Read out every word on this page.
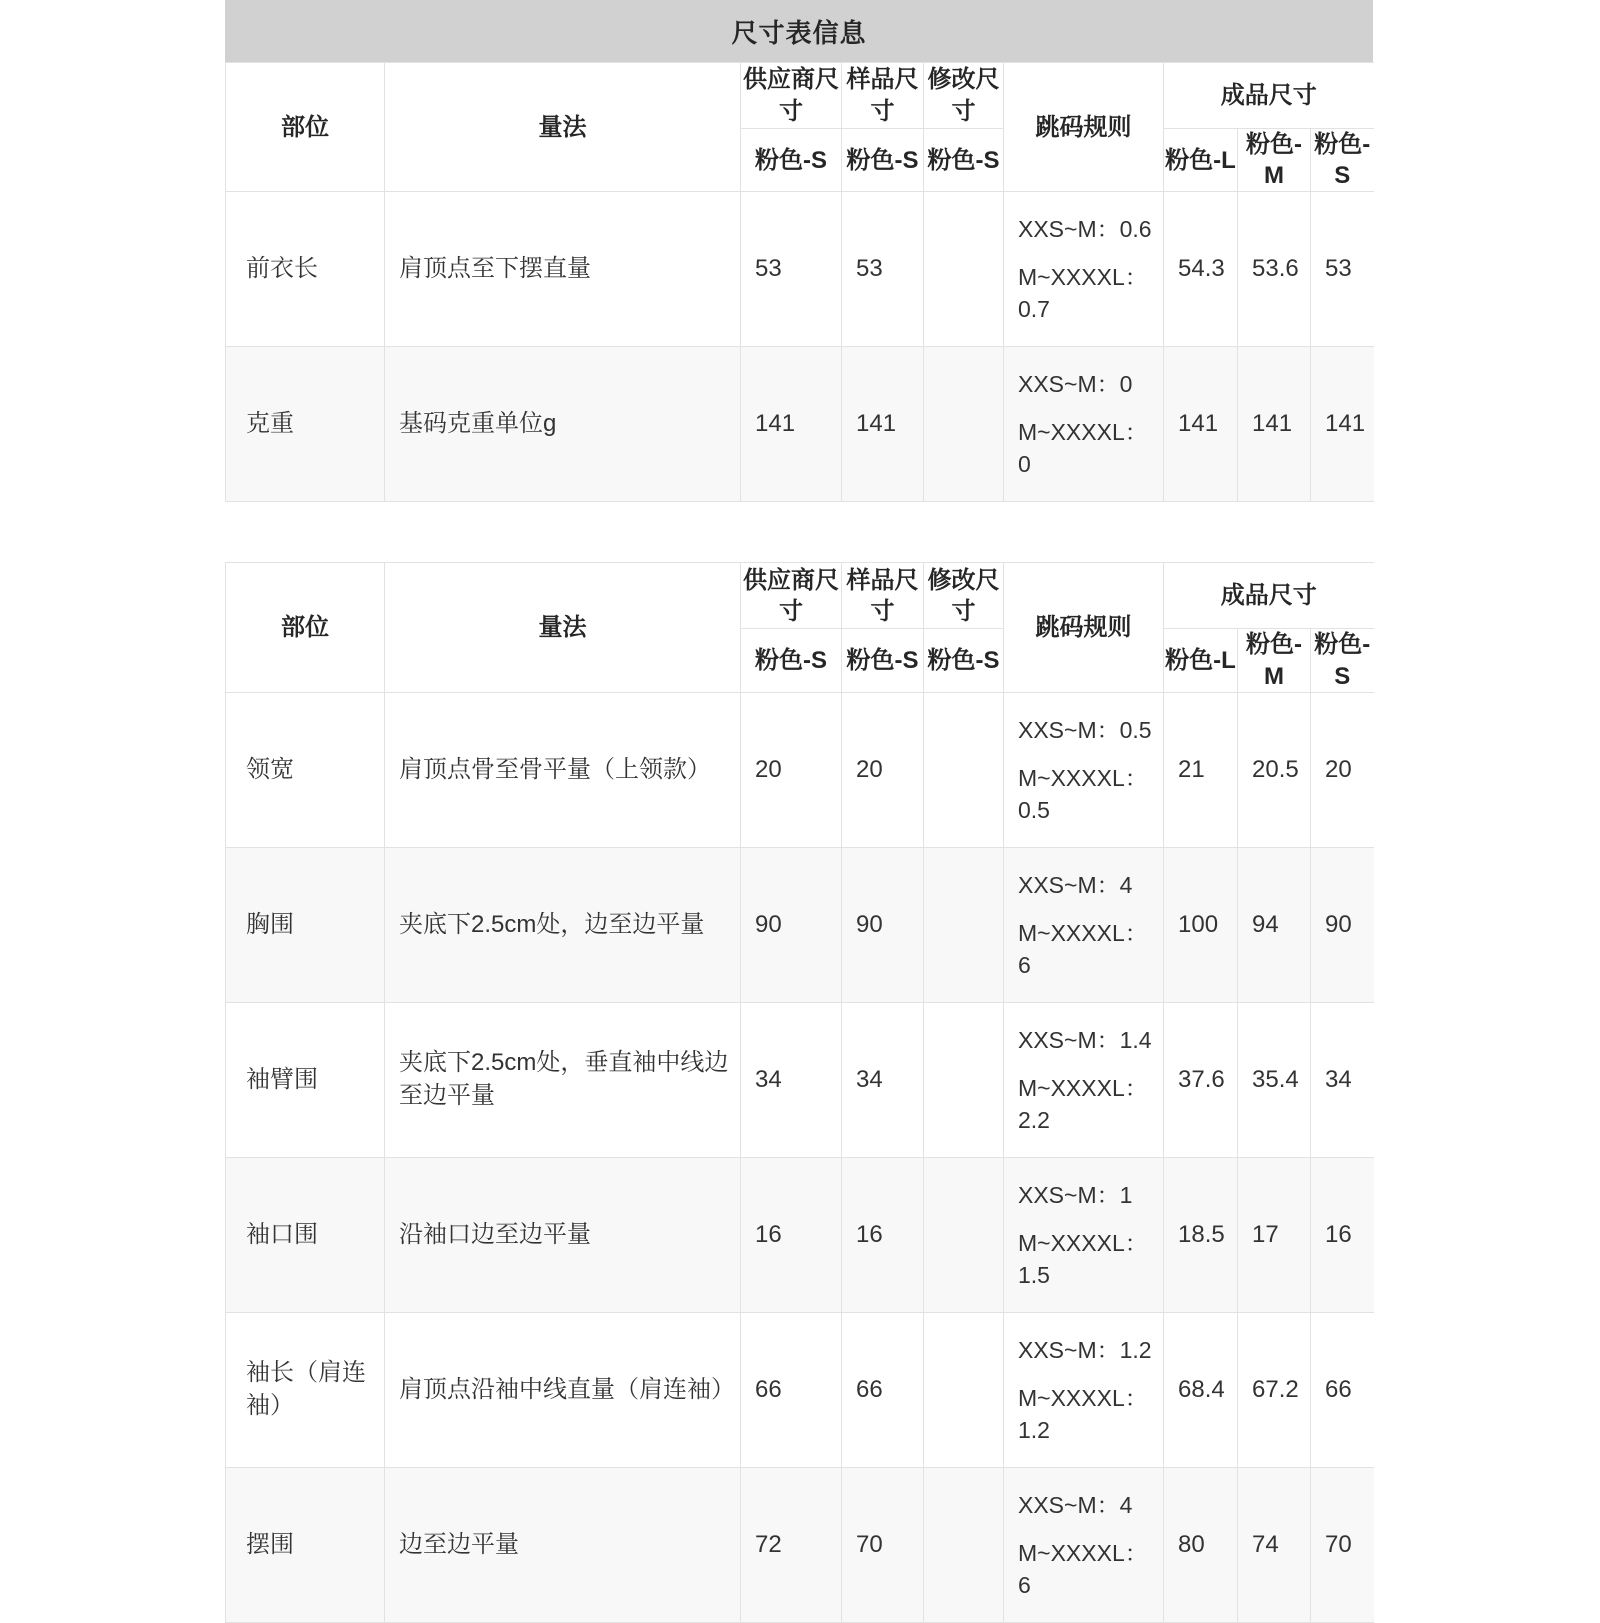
尺寸表信息
部位	量法	供应商尺寸	样品尺寸	修改尺寸	跳码规则	成品尺寸		
		粉色-S	粉色-S	粉色-S		粉色-L	粉色-M	粉色-S
前衣长	肩顶点至下摆直量	53	53		XXS~M：0.6
M~XXXXL：
0.7	54.3	53.6	53
克重	基码克重单位g	141	141		XXS~M：0
M~XXXXL：
0	141	141	141
部位	量法	供应商尺寸	样品尺寸	修改尺寸	跳码规则	成品尺寸		
		粉色-S	粉色-S	粉色-S		粉色-L	粉色-M	粉色-S
领宽	肩顶点骨至骨平量（上领款）	20	20		XXS~M：0.5
M~XXXXL：
0.5	21	20.5	20
胸围	夹底下2.5cm处，边至边平量	90	90		XXS~M：4
M~XXXXL：
6	100	94	90
袖臂围	夹底下2.5cm处，垂直袖中线边至边平量	34	34		XXS~M：1.4
M~XXXXL：
2.2	37.6	35.4	34
袖口围	沿袖口边至边平量	16	16		XXS~M：1
M~XXXXL：
1.5	18.5	17	16
袖长（肩连袖）	肩顶点沿袖中线直量（肩连袖）	66	66		XXS~M：1.2
M~XXXXL：
1.2	68.4	67.2	66
摆围	边至边平量	72	70		XXS~M：4
M~XXXXL：
6	80	74	70
